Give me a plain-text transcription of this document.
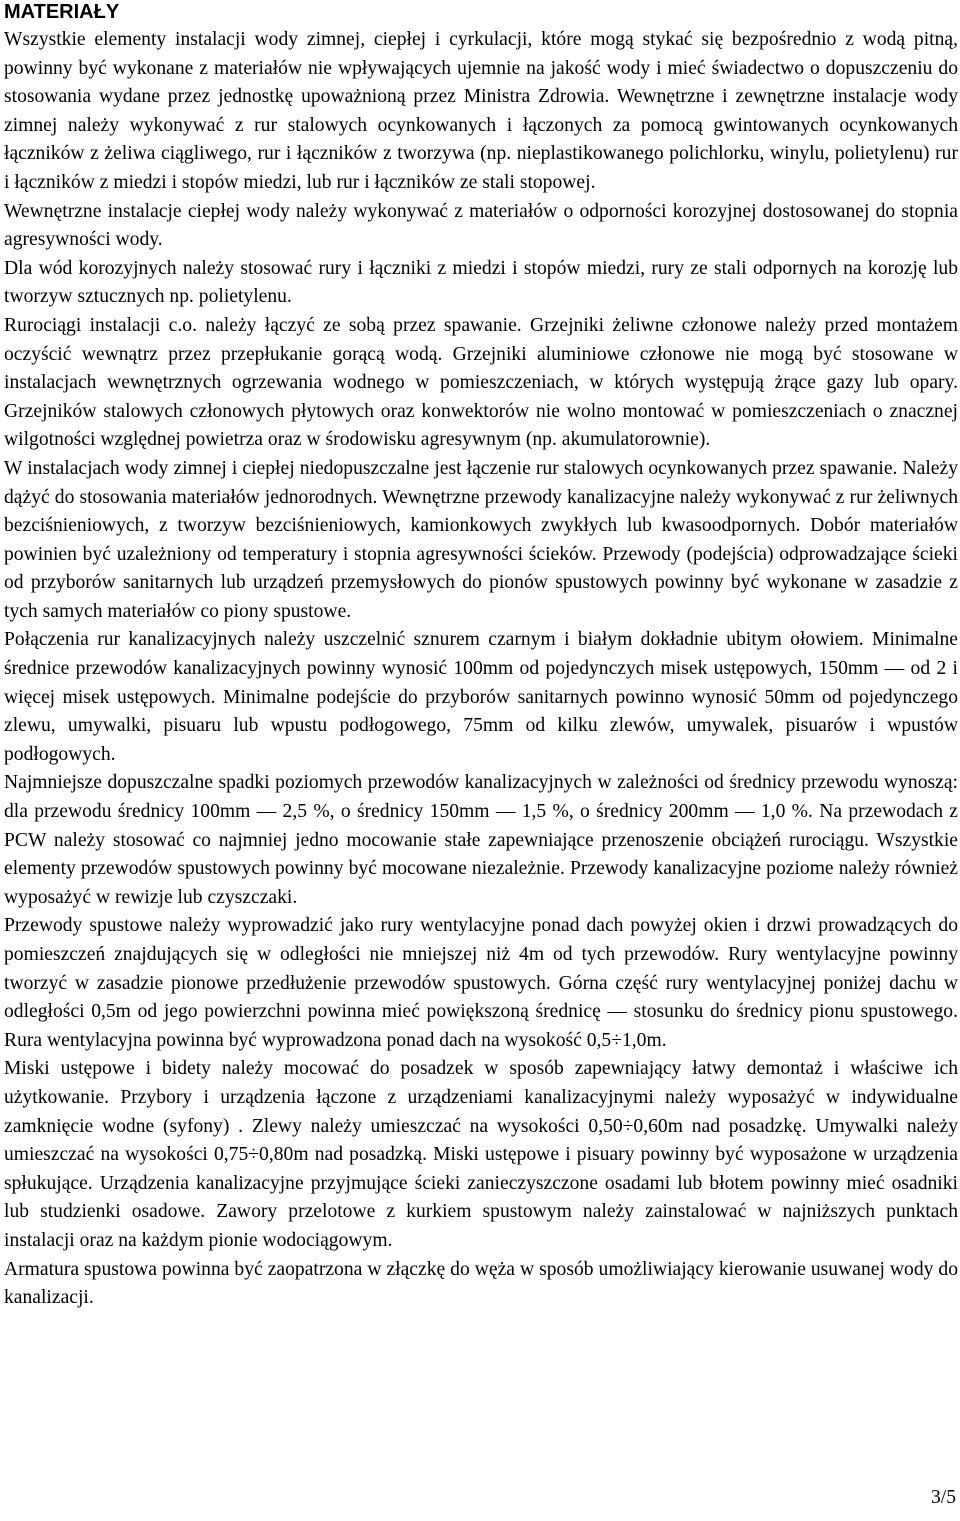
MATERIAŁY

Wszystkie elementy instalacji wody zimnej, ciepłej i cyrkulacji, które mogą stykać się bezpośrednio z wodą pitną, powinny być wykonane z materiałów nie wpływających ujemnie na jakość wody i mieć świadectwo o dopuszczeniu do stosowania wydane przez jednostkę upoważnioną przez Ministra Zdrowia. Wewnętrzne i zewnętrzne instalacje wody zimnej należy wykonywać z rur stalowych ocynkowanych i łączonych za pomocą gwintowanych ocynkowanych łączników z żeliwa ciągliwego, rur i łączników z tworzywa (np. nieplastikowanego polichlorku, winylu, polietylenu) rur i łączników z miedzi i stopów miedzi, lub rur i łączników ze stali stopowej.

Wewnętrzne instalacje ciepłej wody należy wykonywać z materiałów o odporności korozyjnej dostosowanej do stopnia agresywności wody.

Dla wód korozyjnych należy stosować rury i łączniki z miedzi i stopów miedzi, rury ze stali odpornych na korozję lub tworzyw sztucznych np. polietylenu.

Rurociągi instalacji c.o. należy łączyć ze sobą przez spawanie. Grzejniki żeliwne członowe należy przed montażem oczyścić wewnątrz przez przepłukanie gorącą wodą. Grzejniki aluminiowe członowe nie mogą być stosowane w instalacjach wewnętrznych ogrzewania wodnego w pomieszczeniach, w których występują żrące gazy lub opary. Grzejników stalowych członowych płytowych oraz konwektorów nie wolno montować w pomieszczeniach o znacznej wilgotności względnej powietrza oraz w środowisku agresywnym (np. akumulatorownie).

W instalacjach wody zimnej i ciepłej niedopuszczalne jest łączenie rur stalowych ocynkowanych przez spawanie. Należy dążyć do stosowania materiałów jednorodnych. Wewnętrzne przewody kanalizacyjne należy wykonywać z rur żeliwnych bezciśnieniowych, z tworzyw bezciśnieniowych, kamionkowych zwykłych lub kwasoodpornych. Dobór materiałów powinien być uzależniony od temperatury i stopnia agresywności ścieków. Przewody (podejścia) odprowadzające ścieki od przyborów sanitarnych lub urządzeń przemysłowych do pionów spustowych powinny być wykonane w zasadzie z tych samych materiałów co piony spustowe.

Połączenia rur kanalizacyjnych należy uszczelnić sznurem czarnym i białym dokładnie ubitym ołowiem. Minimalne średnice przewodów kanalizacyjnych powinny wynosić 100mm od pojedynczych misek ustępowych, 150mm — od 2 i więcej misek ustępowych. Minimalne podejście do przyborów sanitarnych powinno wynosić 50mm od pojedynczego zlewu, umywalki, pisuaru lub wpustu podłogowego, 75mm od kilku zlewów, umywalek, pisuarów i wpustów podłogowych.

Najmniejsze dopuszczalne spadki poziomych przewodów kanalizacyjnych w zależności od średnicy przewodu wynoszą: dla przewodu średnicy 100mm — 2,5 %, o średnicy 150mm — 1,5 %, o średnicy 200mm — 1,0 %. Na przewodach z PCW należy stosować co najmniej jedno mocowanie stałe zapewniające przenoszenie obciążeń rurociągu. Wszystkie elementy przewodów spustowych powinny być mocowane niezależnie. Przewody kanalizacyjne poziome należy również wyposażyć w rewizje lub czyszczaki.

Przewody spustowe należy wyprowadzić jako rury wentylacyjne ponad dach powyżej okien i drzwi prowadzących do pomieszczeń znajdujących się w odległości nie mniejszej niż 4m od tych przewodów. Rury wentylacyjne powinny tworzyć w zasadzie pionowe przedłużenie przewodów spustowych. Górna część rury wentylacyjnej poniżej dachu w odległości 0,5m od jego powierzchni powinna mieć powiększoną średnicę — stosunku do średnicy pionu spustowego. Rura wentylacyjna powinna być wyprowadzona ponad dach na wysokość 0,5÷1,0m.

Miski ustępowe i bidety należy mocować do posadzek w sposób zapewniający łatwy demontaż i właściwe ich użytkowanie. Przybory i urządzenia łączone z urządzeniami kanalizacyjnymi należy wyposażyć w indywidualne zamknięcie wodne (syfony) . Zlewy należy umieszczać na wysokości 0,50÷0,60m nad posadzkę. Umywalki należy umieszczać na wysokości 0,75÷0,80m nad posadzką. Miski ustępowe i pisuary powinny być wyposażone w urządzenia spłukujące. Urządzenia kanalizacyjne przyjmujące ścieki zanieczyszczone osadami lub błotem powinny mieć osadniki lub studzienki osadowe. Zawory przelotowe z kurkiem spustowym należy zainstalować w najniższych punktach instalacji oraz na każdym pionie wodociągowym.

Armatura spustowa powinna być zaopatrzona w złączkę do węża w sposób umożliwiający kierowanie usuwanej wody do kanalizacji.

3/5
